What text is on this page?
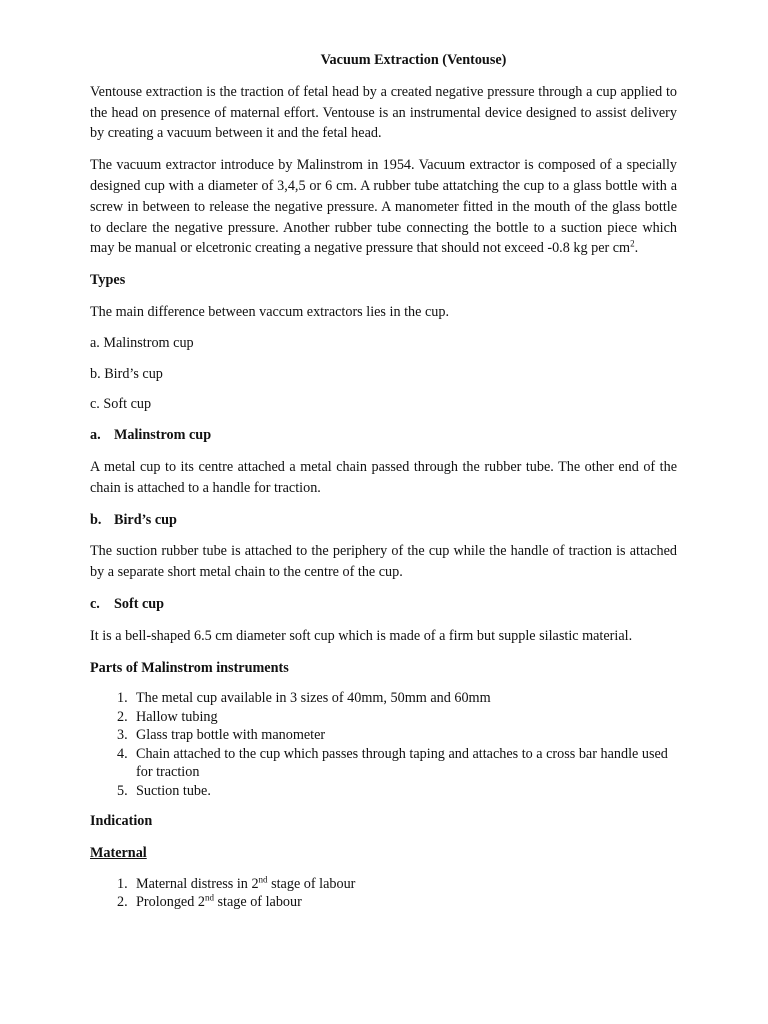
Vacuum Extraction (Ventouse)

Ventouse extraction is the traction of fetal head by a created negative pressure through a cup applied to the head on presence of maternal effort. Ventouse is an instrumental device designed to assist delivery by creating a vacuum between it and the fetal head.

The vacuum extractor introduce by Malinstrom in 1954. Vacuum extractor is composed of a specially designed cup with a diameter of 3,4,5 or 6 cm. A rubber tube attatching the cup to a glass bottle with a screw in between to release the negative pressure. A manometer fitted in the mouth of the glass bottle to declare the negative pressure. Another rubber tube connecting the bottle to a suction piece which may be manual or elcetronic creating a negative pressure that should not exceed -0.8 kg per $cm^2$.

Types
The main difference between vaccum extractors lies in the cup.
a. Malinstrom cup
b. Bird’s cup
c. Soft cup
a. Malinstrom cup

A metal cup to its centre attached a metal chain passed through the rubber tube. The other end of the chain is attached to a handle for traction.

b. Bird’s cup

The suction rubber tube is attached to the periphery of the cup while the handle of traction is attached by a separate short metal chain to the centre of the cup.

c. Soft cup

It is a bell-shaped 6.5 cm diameter soft cup which is made of a firm but supple silastic material.

Parts of Malinstrom instruments
1. The metal cup available in 3 sizes of 40mm, 50mm and 60mm
2. Hallow tubing
3. Glass trap bottle with manometer
4. Chain attached to the cup which passes through taping and attaches to a cross bar handle used for traction
5. Suction tube.
Indication
Maternal
1. Maternal distress in 2nd stage of labour
2. Prolonged 2nd stage of labour
